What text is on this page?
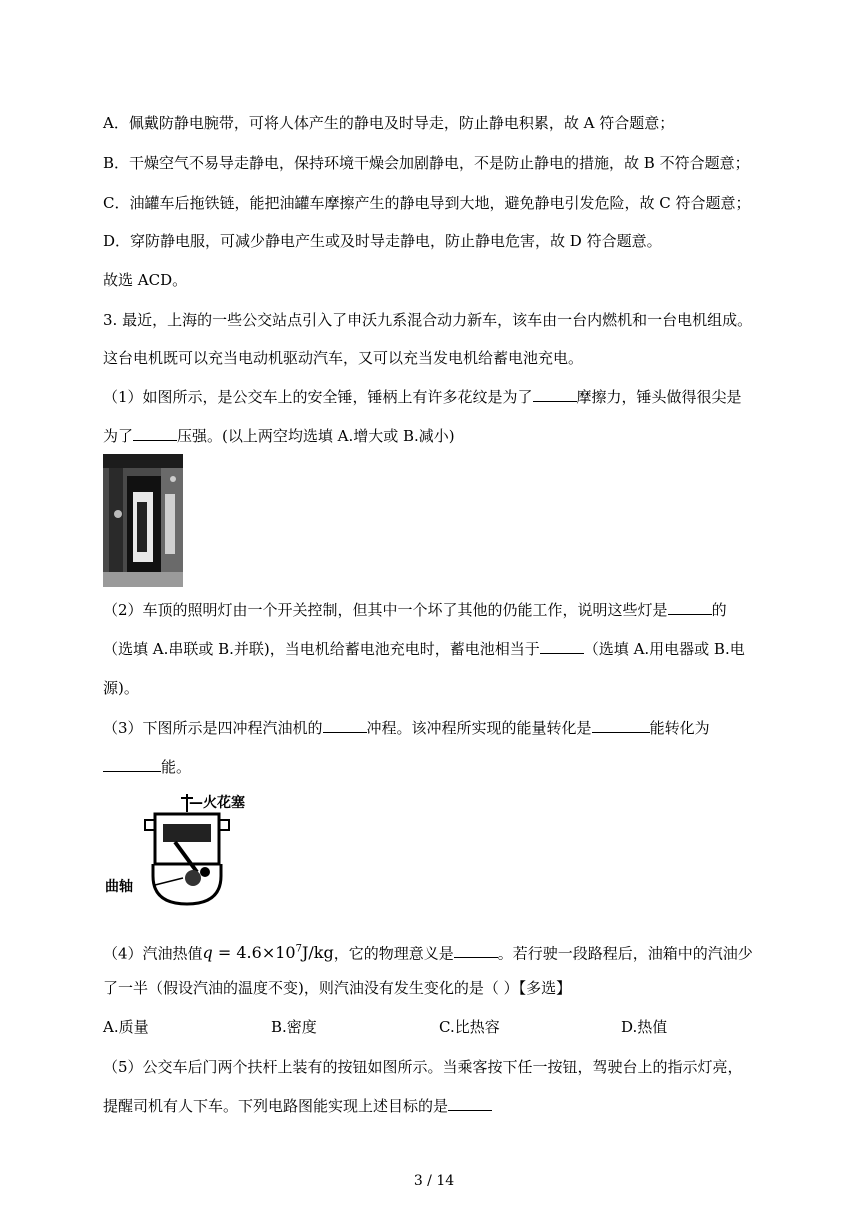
A．佩戴防静电腕带，可将人体产生的静电及时导走，防止静电积累，故 A 符合题意；
B．干燥空气不易导走静电，保持环境干燥会加剧静电，不是防止静电的措施，故 B 不符合题意；
C．油罐车后拖铁链，能把油罐车摩擦产生的静电导到大地，避免静电引发危险，故 C 符合题意；
D．穿防静电服，可减少静电产生或及时导走静电，防止静电危害，故 D 符合题意。
故选 ACD。
3. 最近，上海的一些公交站点引入了申沃九系混合动力新车，该车由一台内燃机和一台电机组成。
这台电机既可以充当电动机驱动汽车，又可以充当发电机给蓄电池充电。
（1）如图所示，是公交车上的安全锤，锤柄上有许多花纹是为了	摩擦力，锤头做得很尖是
为了	压强。(以上两空均选填 A.增大或 B.减小)
（2）车顶的照明灯由一个开关控制，但其中一个坏了其他的仍能工作，说明这些灯是	的
（选填 A.串联或 B.并联)，当电机给蓄电池充电时，蓄电池相当于	（选填 A.用电器或 B.电
源)。
（3）下图所示是四冲程汽油机的	冲程。该冲程所实现的能量转化是	能转化为
能。
—火花塞
曲轴
（4）汽油热值$q = 4.6\times 10^7J/kg$，它的物理意义是	。若行驶一段路程后，油箱中的汽油少
了一半（假设汽油的温度不变)，则汽油没有发生变化的是（ ）【多选】
A.质量	B.密度	C.比热容	D.热值
（5）公交车后门两个扶杆上装有的按钮如图所示。当乘客按下任一按钮，驾驶台上的指示灯亮，
提醒司机有人下车。下列电路图能实现上述目标的是
3 / 14
